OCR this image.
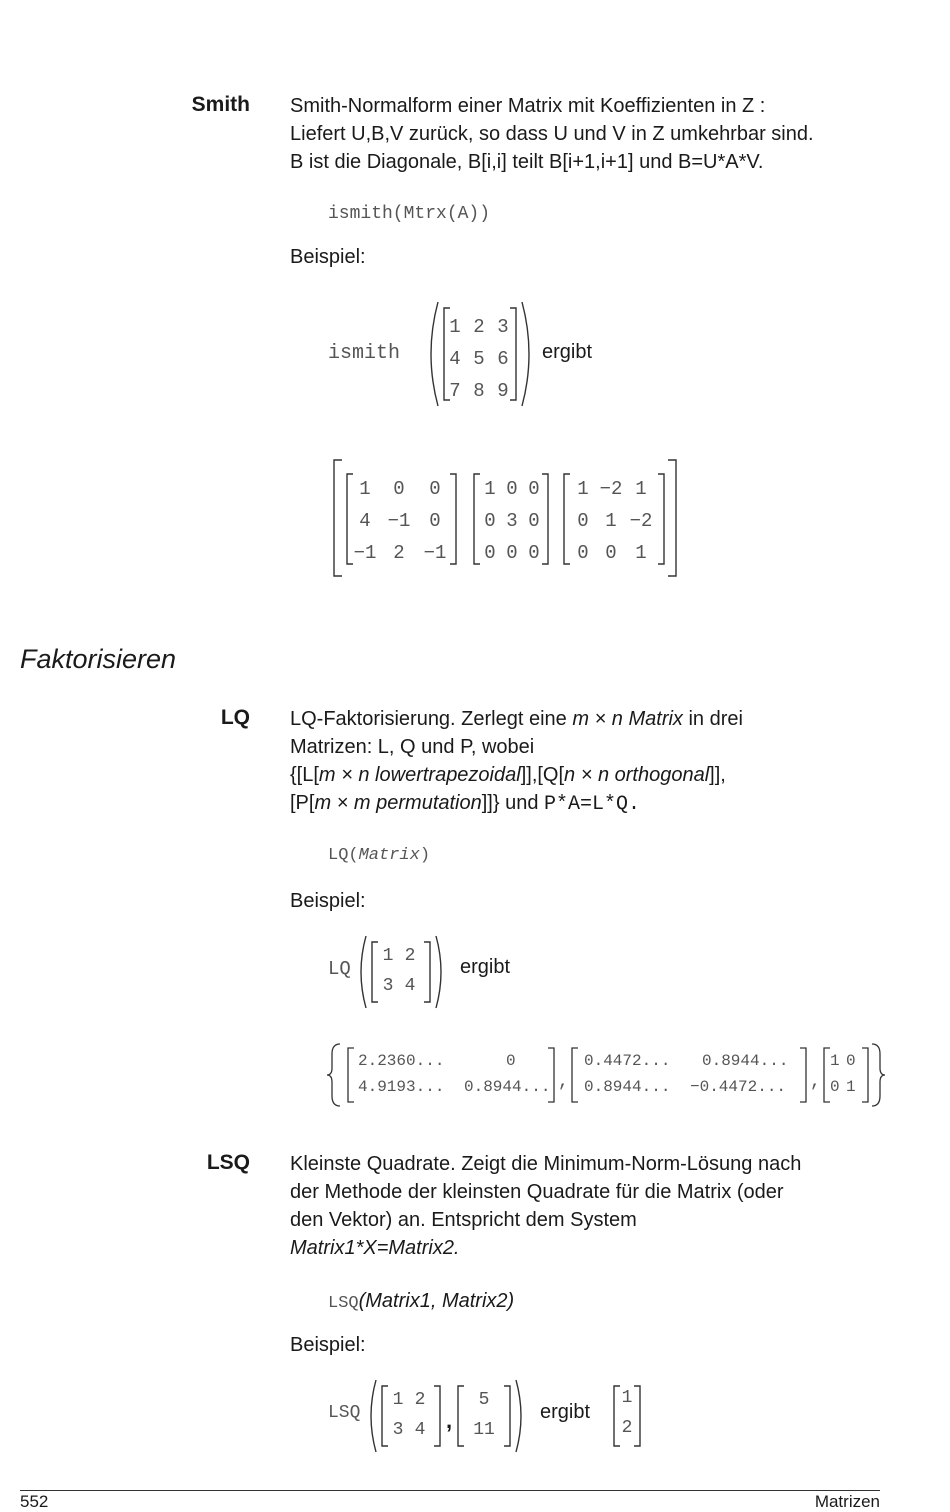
Smith Smith-Normalform einer Matrix mit Koeffizienten in Z :
Liefert U,B,V zurück, so dass U und V in Z umkehrbar sind.
B ist die Diagonale, B[i,i] teilt B[i+1,i+1] und B=U*A*V.
ismith(Mtrx(A))
Beispiel:
ismith
1 2 3
4 5 6
7 8 9
ergibt
1	0	0
4 −1 0
−1 2 −1
1 0 0
0 3 0
0 0 0
1 −2 1
0 1 −2
0 0 1
Faktorisieren
LQ LQ-Faktorisierung. Zerlegt eine m × n Matrix in drei
Matrizen: L, Q und P, wobei
{[L[m × n lowertrapezoidal]],[Q[n × n orthogonal]],
[P[m × m permutation]]} und P*A=L*Q.
LQ(Matrix)
Beispiel:
LQ
1 2
3 4
ergibt
,	,
2.2360...	0
4.9193... 0.8944...
0.4472... 0.8944...
0.8944... −0.4472...
1 0
0 1
LSQ Kleinste Quadrate. Zeigt die Minimum-Norm-Lösung nach
der Methode der kleinsten Quadrate für die Matrix (oder
den Vektor) an. Entspricht dem System
Matrix1*X=Matrix2.
LSQ(Matrix1, Matrix2)
Beispiel:
LSQ
1 2
3 4 ,
5
11
ergibt
1
2
552	Matrizen
